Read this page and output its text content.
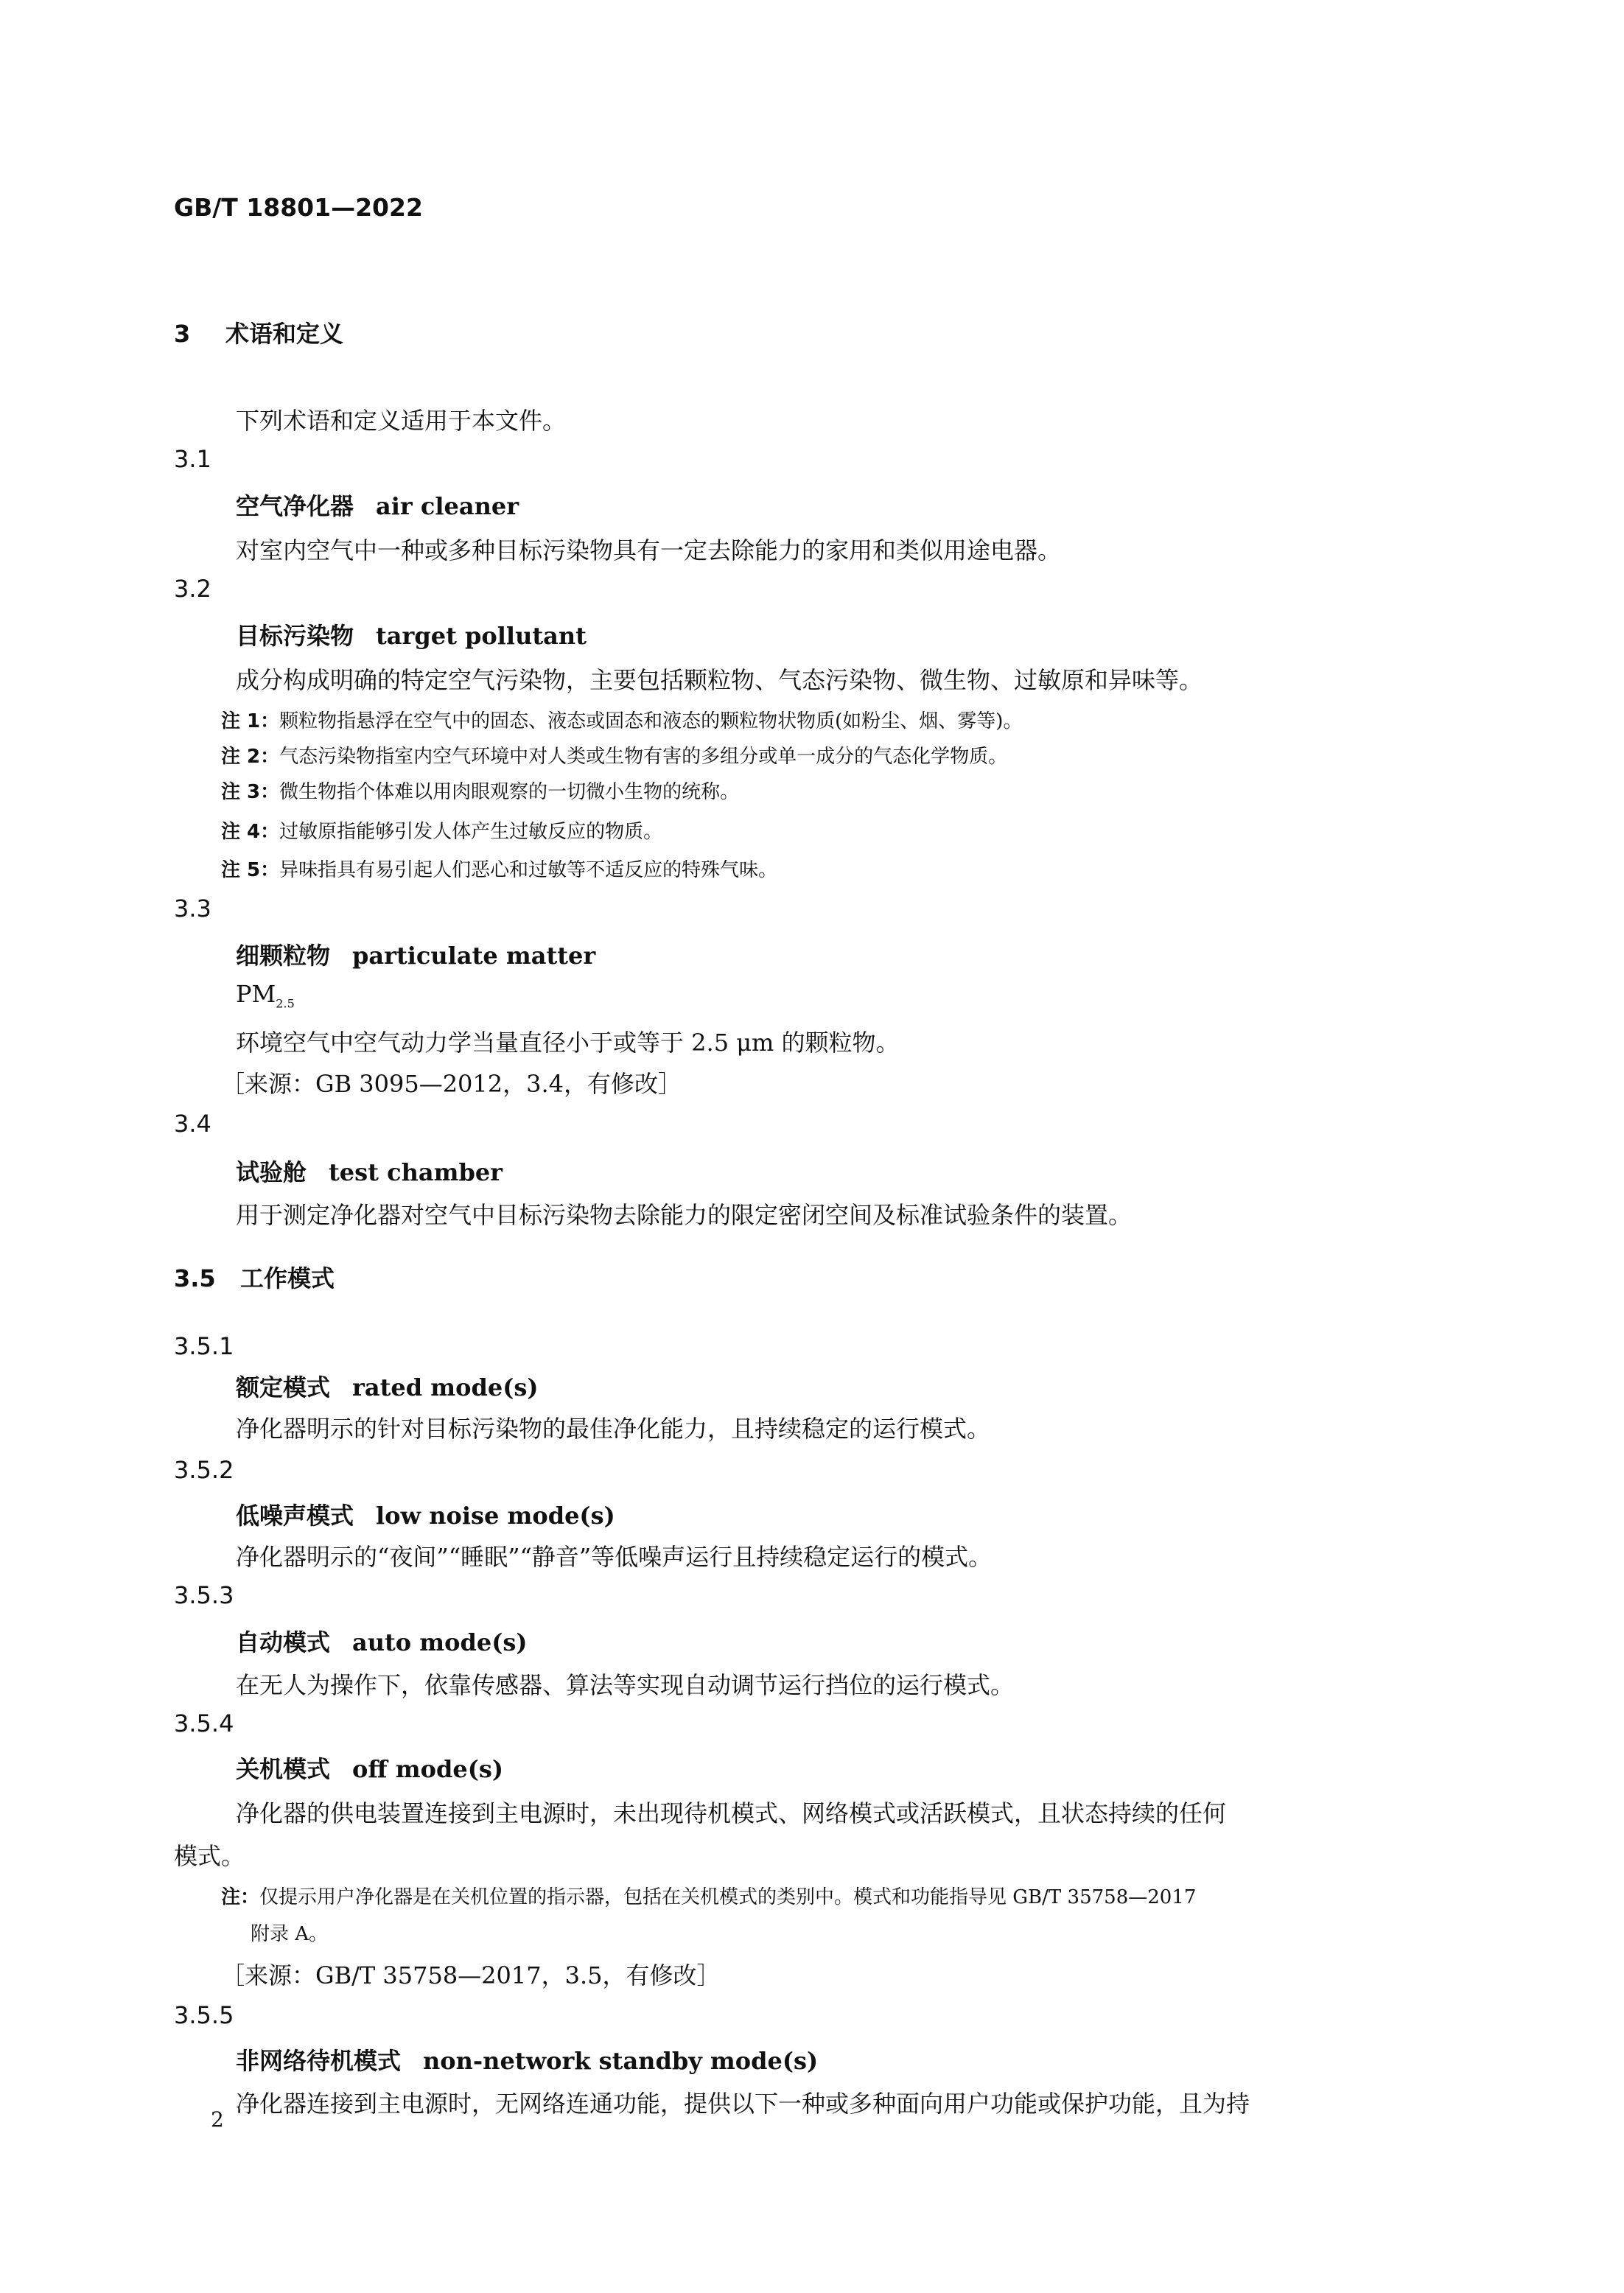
GB/T 18801—2022
3 术语和定义
下列术语和定义适用于本文件。
3.1
空气净化器 air cleaner
对室内空气中一种或多种目标污染物具有一定去除能力的家用和类似用途电器。
3.2
目标污染物 target pollutant
成分构成明确的特定空气污染物，主要包括颗粒物、气态污染物、微生物、过敏原和异味等。
注 1：颗粒物指悬浮在空气中的固态、液态或固态和液态的颗粒物状物质(如粉尘、烟、雾等)。
注 2：气态污染物指室内空气环境中对人类或生物有害的多组分或单一成分的气态化学物质。
注 3：微生物指个体难以用肉眼观察的一切微小生物的统称。
注 4：过敏原指能够引发人体产生过敏反应的物质。
注 5：异味指具有易引起人们恶心和过敏等不适反应的特殊气味。
3.3
细颗粒物 particulate matter
$PM_{2.5}$
环境空气中空气动力学当量直径小于或等于 2.5 μm 的颗粒物。
［来源：GB 3095—2012，3.4，有修改］
3.4
试验舱 test chamber
用于测定净化器对空气中目标污染物去除能力的限定密闭空间及标准试验条件的装置。
3.5 工作模式
3.5.1
额定模式 rated mode(s)
净化器明示的针对目标污染物的最佳净化能力，且持续稳定的运行模式。
3.5.2
低噪声模式 low noise mode(s)
净化器明示的“夜间”“睡眠”“静音”等低噪声运行且持续稳定运行的模式。
3.5.3
自动模式 auto mode(s)
在无人为操作下，依靠传感器、算法等实现自动调节运行挡位的运行模式。
3.5.4
关机模式 off mode(s)
净化器的供电装置连接到主电源时，未出现待机模式、网络模式或活跃模式，且状态持续的任何
模式。
注：仅提示用户净化器是在关机位置的指示器，包括在关机模式的类别中。模式和功能指导见 GB/T 35758—2017
附录 A。
［来源：GB/T 35758—2017，3.5，有修改］
3.5.5
非网络待机模式 non-network standby mode(s)
净化器连接到主电源时，无网络连通功能，提供以下一种或多种面向用户功能或保护功能，且为持
2
